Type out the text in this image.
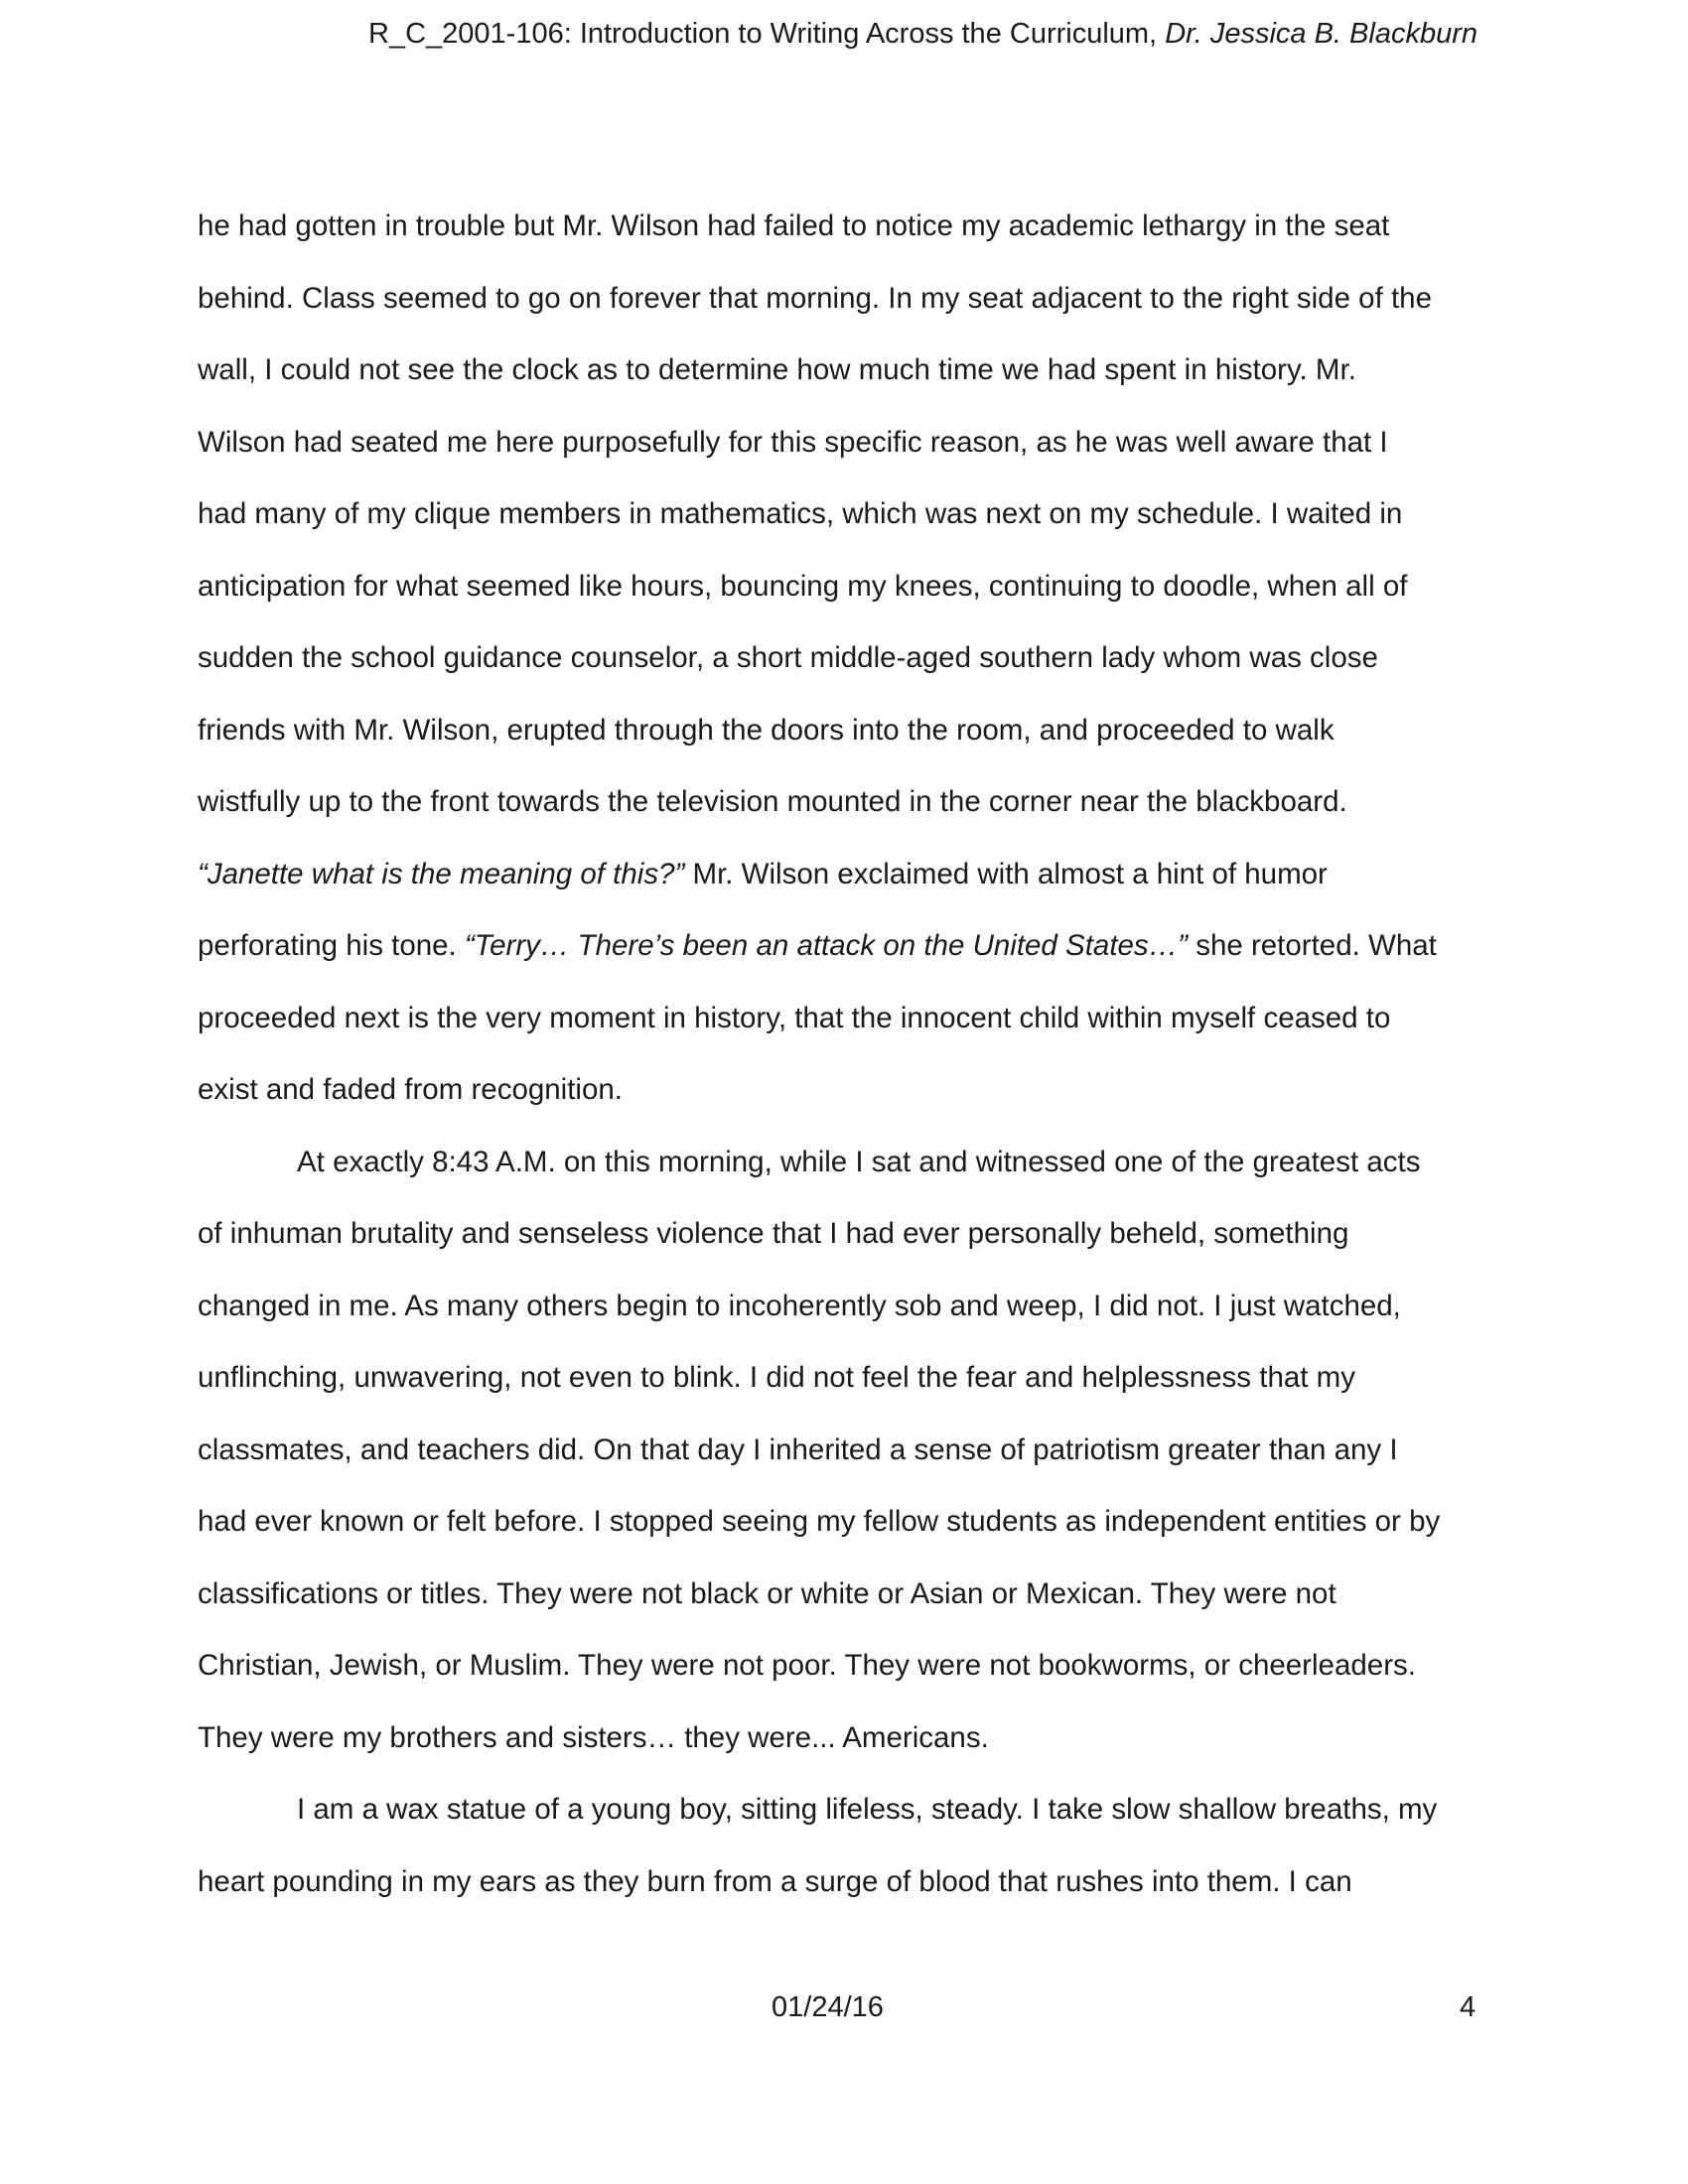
R_C_2001-106: Introduction to Writing Across the Curriculum, Dr. Jessica B. Blackburn
he had gotten in trouble but Mr. Wilson had failed to notice my academic lethargy in the seat
behind. Class seemed to go on forever that morning. In my seat adjacent to the right side of the
wall, I could not see the clock as to determine how much time we had spent in history. Mr.
Wilson had seated me here purposefully for this specific reason, as he was well aware that I
had many of my clique members in mathematics, which was next on my schedule. I waited in
anticipation for what seemed like hours, bouncing my knees, continuing to doodle, when all of
sudden the school guidance counselor, a short middle-aged southern lady whom was close
friends with Mr. Wilson, erupted through the doors into the room, and proceeded to walk
wistfully up to the front towards the television mounted in the corner near the blackboard.
“Janette what is the meaning of this?” Mr. Wilson exclaimed with almost a hint of humor
perforating his tone. “Terry… There’s been an attack on the United States…” she retorted. What
proceeded next is the very moment in history, that the innocent child within myself ceased to
exist and faded from recognition.
At exactly 8:43 A.M. on this morning, while I sat and witnessed one of the greatest acts
of inhuman brutality and senseless violence that I had ever personally beheld, something
changed in me. As many others begin to incoherently sob and weep, I did not. I just watched,
unflinching, unwavering, not even to blink. I did not feel the fear and helplessness that my
classmates, and teachers did. On that day I inherited a sense of patriotism greater than any I
had ever known or felt before. I stopped seeing my fellow students as independent entities or by
classifications or titles. They were not black or white or Asian or Mexican. They were not
Christian, Jewish, or Muslim. They were not poor. They were not bookworms, or cheerleaders.
They were my brothers and sisters… they were... Americans.
I am a wax statue of a young boy, sitting lifeless, steady. I take slow shallow breaths, my
heart pounding in my ears as they burn from a surge of blood that rushes into them. I can
01/24/16	4
